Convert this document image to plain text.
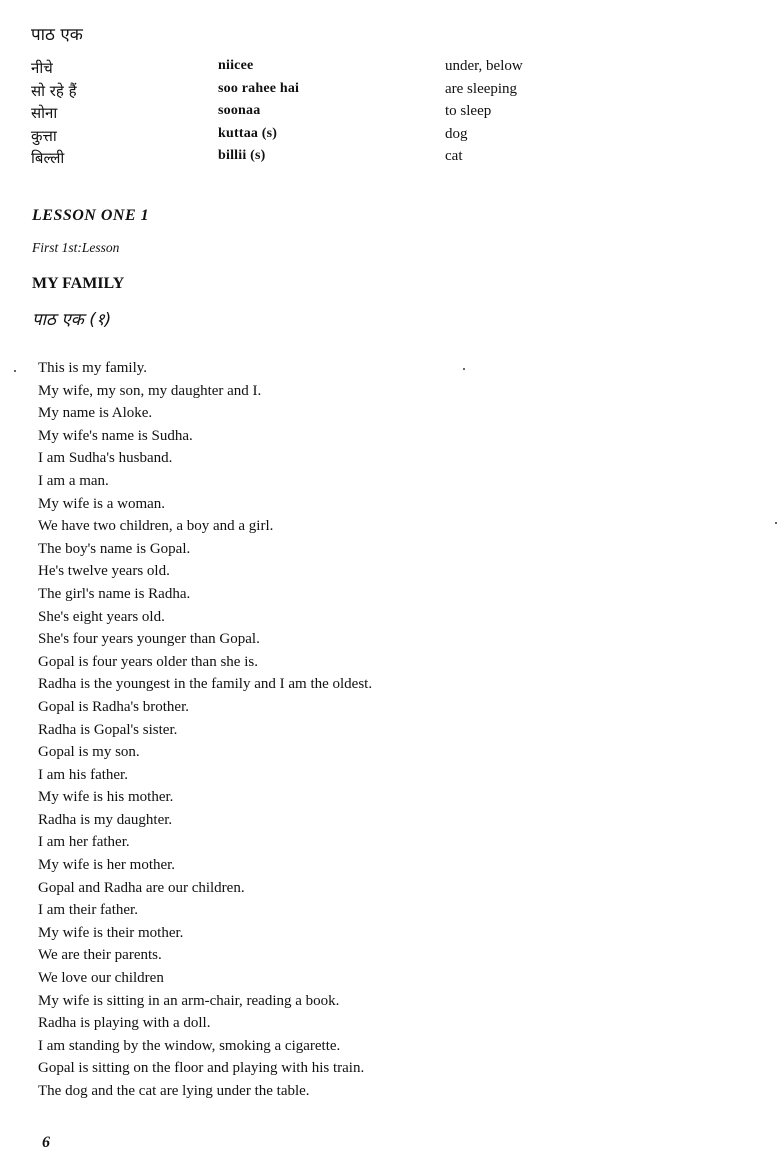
पाठ एक
नीचे	niicee	under, below
सो रहे हैं	soo rahee hai	are sleeping
सोना	soonaa	to sleep
कुत्ता	kuttaa (s)	dog
बिल्ली	billii (s)	cat
LESSON ONE 1
First 1st:Lesson
MY FAMILY
पाठ एक (१)
This is my family.
My wife, my son, my daughter and I.
My name is Aloke.
My wife's name is Sudha.
I am Sudha's husband.
I am a man.
My wife is a woman.
We have two children, a boy and a girl.
The boy's name is Gopal.
He's twelve years old.
The girl's name is Radha.
She's eight years old.
She's four years younger than Gopal.
Gopal is four years older than she is.
Radha is the youngest in the family and I am the oldest.
Gopal is Radha's brother.
Radha is Gopal's sister.
Gopal is my son.
I am his father.
My wife is his mother.
Radha is my daughter.
I am her father.
My wife is her mother.
Gopal and Radha are our children.
I am their father.
My wife is their mother.
We are their parents.
We love our children
My wife is sitting in an arm-chair, reading a book.
Radha is playing with a doll.
I am standing by the window, smoking a cigarette.
Gopal is sitting on the floor and playing with his train.
The dog and the cat are lying under the table.
6
